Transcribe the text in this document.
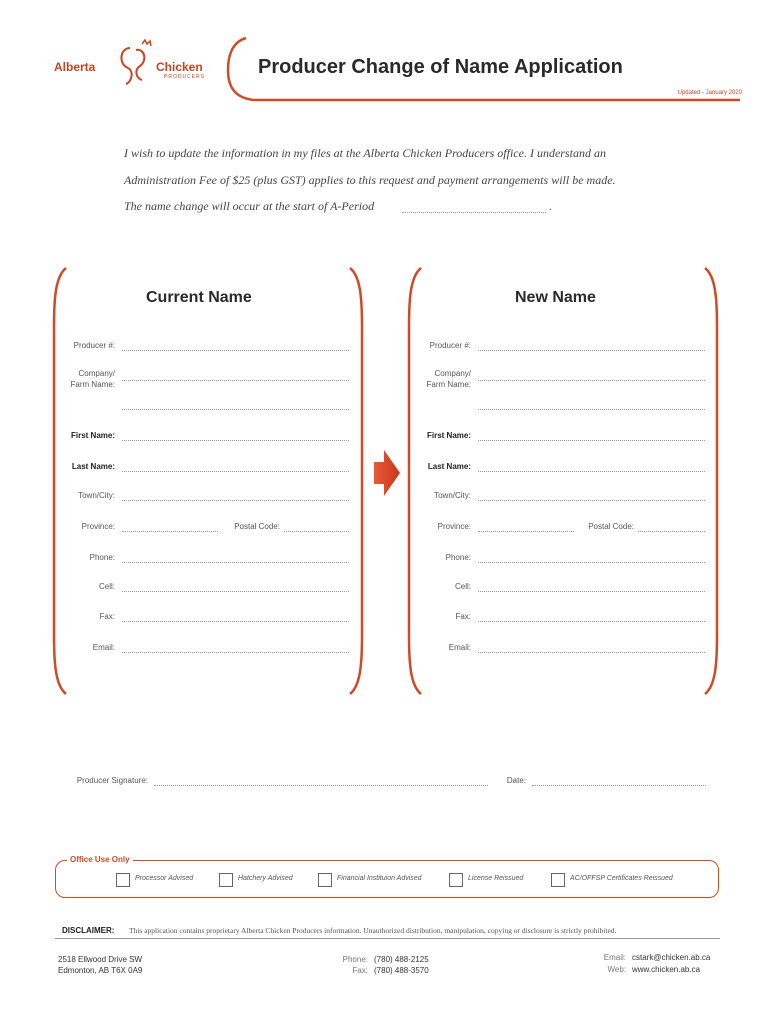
Alberta	Chicken
PRODUCERS	Producer Change of Name Application
Updated - January 2020
I wish to update the information in my files at the Alberta Chicken Producers office. I understand an
Administration Fee of $25 (plus GST) applies to this request and payment arrangements will be made.
The name change will occur at the start of A-Period	.
Current Name
Producer #:
Company/
Farm Name:
First Name:
Last Name:
Town/City:
Province:	Postal Code:
Phone:
Cell:
Fax:
Email:
New Name
Producer #:
Company/
Farm Name:
First Name:
Last Name:
Town/City:
Province:	Postal Code:
Phone:
Cell:
Fax:
Email:
Producer Signature:	Date:
Office Use Only
Processor Advised	Hatchery Advised	Financial Instituion Advised	License Reissued	AC/OFFSP Certificates Reissued
DISCLAIMER: This application contains proprietary Alberta Chicken Producers information. Unauthorized distribution, manipulation, copying or disclosure is strictly prohibited.
2518 Ellwood Drive SW
Edmonton, AB T6X 0A9
Phone: (780) 488-2125
Fax: (780) 488-3570
Email: cstark@chicken.ab.ca
Web: www.chicken.ab.ca
